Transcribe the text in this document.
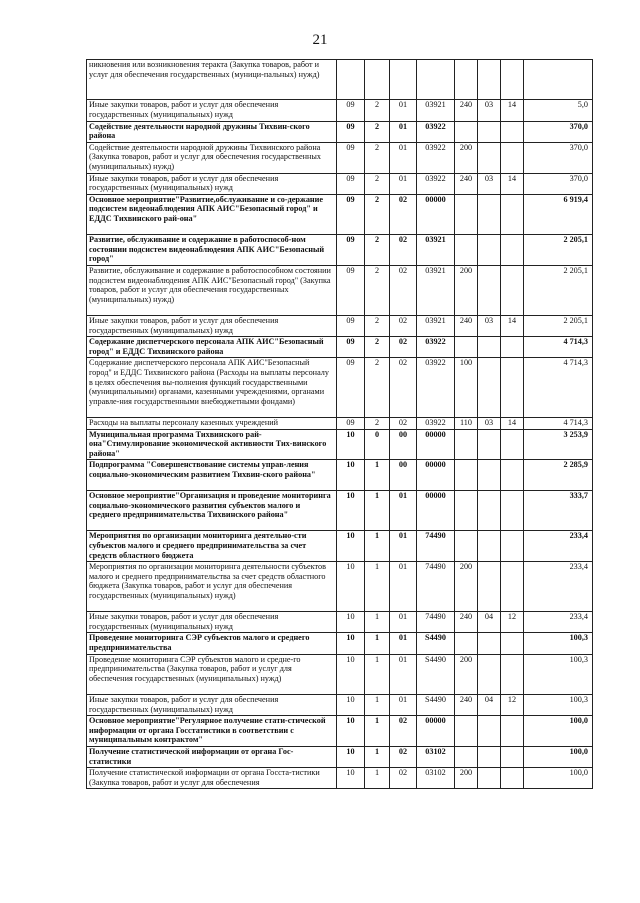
21
никновения или возникновения теракта (Закупка товаров, работ и услуг для обеспечения государственных (муници-пальных) нужд)								
Иные закупки товаров, работ и услуг для обеспечения государственных (муниципальных) нужд	09	2	01	03921	240	03	14	5,0
Содействие деятельности народной дружины Тихвин-ского района	09	2	01	03922				370,0
Содействие деятельности народной дружины Тихвинского района (Закупка товаров, работ и услуг для обеспечения государственных (муниципальных) нужд)	09	2	01	03922	200			370,0
Иные закупки товаров, работ и услуг для обеспечения государственных (муниципальных) нужд	09	2	01	03922	240	03	14	370,0
Основное мероприятие"Развитие,обслуживание и со-держание подсистем видеонаблюдения АПК АИС"Безопасный город" и ЕДДС Тихвинского рай-она"	09	2	02	00000				6 919,4
Развитие, обслуживание и содержание в работоспособ-ном состоянии подсистем видеонаблюдения АПК АИС"Безопасный город"	09	2	02	03921				2 205,1
Развитие, обслуживание и содержание в работоспособном состоянии подсистем видеонаблюдения АПК АИС"Безопасный город" (Закупка товаров, работ и услуг для обеспечения государственных (муниципальных) нужд)	09	2	02	03921	200			2 205,1
Иные закупки товаров, работ и услуг для обеспечения государственных (муниципальных) нужд	09	2	02	03921	240	03	14	2 205,1
Содержание диспетчерского персонала АПК АИС"Безопасный город" и ЕДДС Тихвинского района	09	2	02	03922				4 714,3
Содержание диспетчерского персонала АПК АИС"Безопасный город" и ЕДДС Тихвинского района (Расходы на выплаты персоналу в целях обеспечения вы-полнения функций государственными (муниципальными) органами, казенными учреждениями, органами управле-ния государственными внебюджетными фондами)	09	2	02	03922	100			4 714,3
Расходы на выплаты персоналу казенных учреждений	09	2	02	03922	110	03	14	4 714,3
Муниципальная программа Тихвинского рай-она"Стимулирование экономической активности Тих-винского района"	10	0	00	00000				3 253,9
Подпрограмма "Совершенствование системы управ-ления социально-экономическим развитием Тихвин-ского района"	10	1	00	00000				2 285,9
Основное мероприятие"Организация и проведение мониторинга социально-экономического развития субъектов малого и среднего предпринимательства Тихвинского района"	10	1	01	00000				333,7
Мероприятия по организации мониторинга деятельно-сти субъектов малого и среднего предпринимательства за счет средств областного бюджета	10	1	01	74490				233,4
Мероприятия по организации мониторинга деятельности субъектов малого и среднего предпринимательства за счет средств областного бюджета (Закупка товаров, работ и услуг для обеспечения государственных (муниципальных) нужд)	10	1	01	74490	200			233,4
Иные закупки товаров, работ и услуг для обеспечения государственных (муниципальных) нужд	10	1	01	74490	240	04	12	233,4
Проведение мониторинга СЭР субъектов малого и среднего предпринимательства	10	1	01	S4490				100,3
Проведение мониторинга СЭР субъектов малого и средне-го предпринимательства (Закупка товаров, работ и услуг для обеспечения государственных (муниципальных) нужд)	10	1	01	S4490	200			100,3
Иные закупки товаров, работ и услуг для обеспечения государственных (муниципальных) нужд	10	1	01	S4490	240	04	12	100,3
Основное мероприятие"Регулярное получение стати-стической информации от органа Госстатистики в соответствии с муниципальным контрактом"	10	1	02	00000				100,0
Получение статистической информации от органа Гос-статистики	10	1	02	03102				100,0
Получение статистической информации от органа Госста-тистики (Закупка товаров, работ и услуг для обеспечения	10	1	02	03102	200			100,0
